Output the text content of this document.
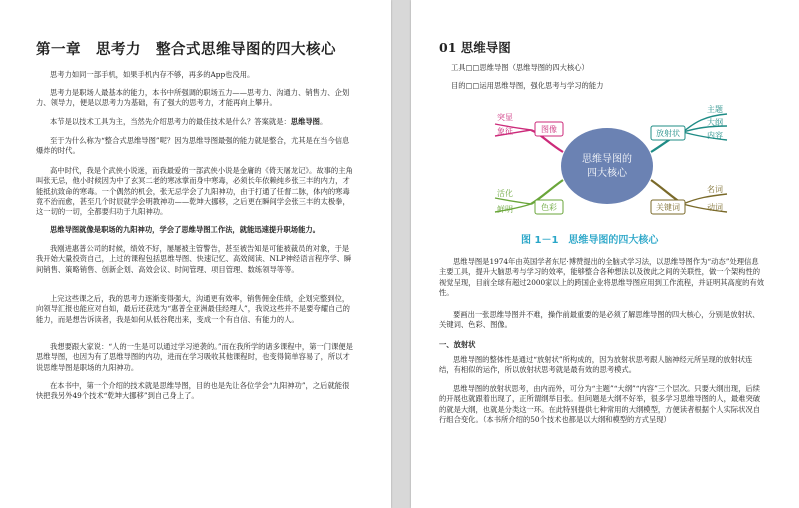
第一章　思考力　整合式思维导图的四大核心

思考力如同一部手机，如果手机内存不够，再多的App也没用。

思考力是职场人最基本的能力，本书中所强调的职场五力——思考力、沟通力、销售力、企划力、领导力，便是以思考力为基础，有了强大的思考力，才能再向上攀升。

本节是以技术工具为主，当然先介绍思考力的最佳技术是什么？答案就是：思维导图。

至于为什么称为“整合式思维导图”呢？因为思维导图最强的能力就是整合，尤其是在当今信息爆炸的时代。

高中时代，我是个武侠小说迷，而我最爱的一部武侠小说是金庸的《倚天屠龙记》。故事的主角叫张无忌，他小时候因为中了玄冥二老的寒冰掌而身中寒毒，必须长年依赖纯乡张三丰的内力，才能抵抗致命的寒毒。一个偶然的机会，张无忌学会了九阳神功，由于打通了任督二脉，体内的寒毒竟不治而愈，甚至几个时辰就学会明教神功——乾坤大挪移，之后更在瞬间学会张三丰的太极拳，这一切的一切，全都要归功于九阳神功。

思维导图就像是职场的九阳神功，学会了思维导图工作法，就能迅速提升职场能力。

我刚进惠普公司的时候，绩效不好，屡屡被主管警告，甚至被告知是可能被裁员的对象，于是我开始大量投资自己，上过的课程包括思维导图、快速记忆、高效阅读、NLP神经语言程序学、瞬间销售、策略销售、创新企划、高效会议、时间管理、项目管理、数练领导等等。

上完这些课之后，我的思考力逐渐变得强大，沟通更有效率，销售佣金佳绩，企划完整到位，向领导汇报也能应对自如，最后还获选为“惠普全亚洲最佳经理人”，我说这些并不是要夸耀自己的能力，而是想告诉读者，我是如何从低谷爬出来，变成一个有自信、有能力的人。

我想要跟大家说：“人的一生是可以通过学习逆袭的。”而在我所学的诸多课程中，第一门课便是思维导图，也因为有了思维导图的内功，进而在学习吸收其他课程时，也变得简单容易了，所以才说思维导图是职场的九阳神功。

在本书中，第一个介绍的技术就是思维导图，目的也是先让各位学会“九阳神功”，之后就能很快把我另外49个技术“乾坤大挪移”到自己身上了。

01 思维导图

工具□□思维导图（思维导图的四大核心）

目的□□运用思维导图，强化思考与学习的能力

图像
突显
象征
色彩
活化
鲜明
放射状
主题
大纲
内容
关键词
名词
动词
思维导图的
四大核心
图 1－1　思维导图的四大核心

思维导图是1974年由英国学者东尼·博赞提出的全脑式学习法，以思维导图作为“动态”处理信息主要工具，提升大脑思考与学习的效率，能够整合各种想法以及彼此之间的关联性，做一个架构性的视觉呈现，目前全球有超过2000家以上的跨国企业将思维导图应用到工作流程，并证明其高度的有效性。

要画出一张思维导图并不难，操作前最重要的是必须了解思维导图的四大核心，分别是放射状、关键词、色彩、图像。

一、放射状

思维导图的整体性是通过“放射状”所构成的，因为放射状思考跟人脑神经元所呈现的放射状连结，有相似的运作，所以放射状思考就是最有效的思考模式。

思维导图的放射状思考，由内而外，可分为“主题”“大纲”“内容”三个层次。只要大纲出现，后续的开展也就跟着出现了，正所谓纲举目张。但问题是大纲不好举，很多学习思维导图的人，最难突破的就是大纲，也就是分类这一环。在此特别提供七种常用的大纲模型，方便读者根据个人实际状况自行组合变化。（本书所介绍的50个技术也都是以大纲和模型的方式呈现）
